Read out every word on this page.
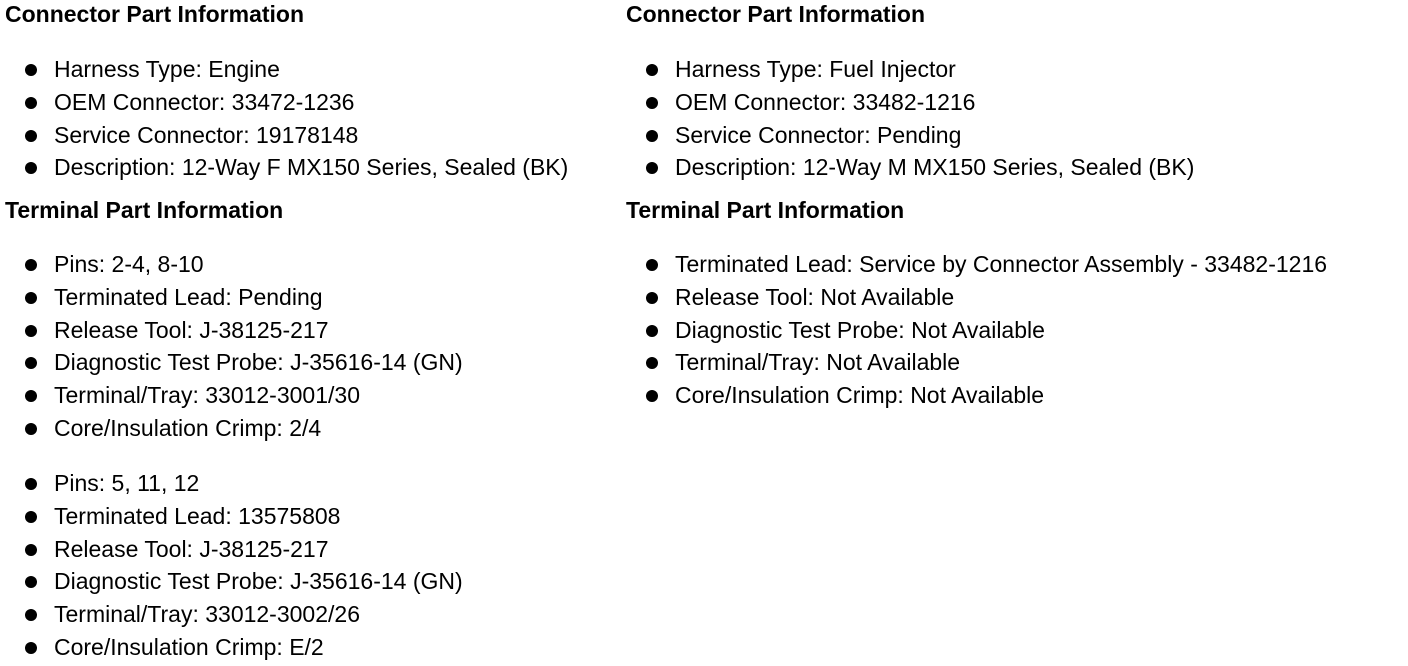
Connector Part Information
Harness Type: Engine
OEM Connector: 33472-1236
Service Connector: 19178148
Description: 12-Way F MX150 Series, Sealed (BK)
Terminal Part Information
Pins: 2-4, 8-10
Terminated Lead: Pending
Release Tool: J-38125-217
Diagnostic Test Probe: J-35616-14 (GN)
Terminal/Tray: 33012-3001/30
Core/Insulation Crimp: 2/4
Pins: 5, 11, 12
Terminated Lead: 13575808
Release Tool: J-38125-217
Diagnostic Test Probe: J-35616-14 (GN)
Terminal/Tray: 33012-3002/26
Core/Insulation Crimp: E/2
Connector Part Information
Harness Type: Fuel Injector
OEM Connector: 33482-1216
Service Connector: Pending
Description: 12-Way M MX150 Series, Sealed (BK)
Terminal Part Information
Terminated Lead: Service by Connector Assembly - 33482-1216
Release Tool: Not Available
Diagnostic Test Probe: Not Available
Terminal/Tray: Not Available
Core/Insulation Crimp: Not Available
